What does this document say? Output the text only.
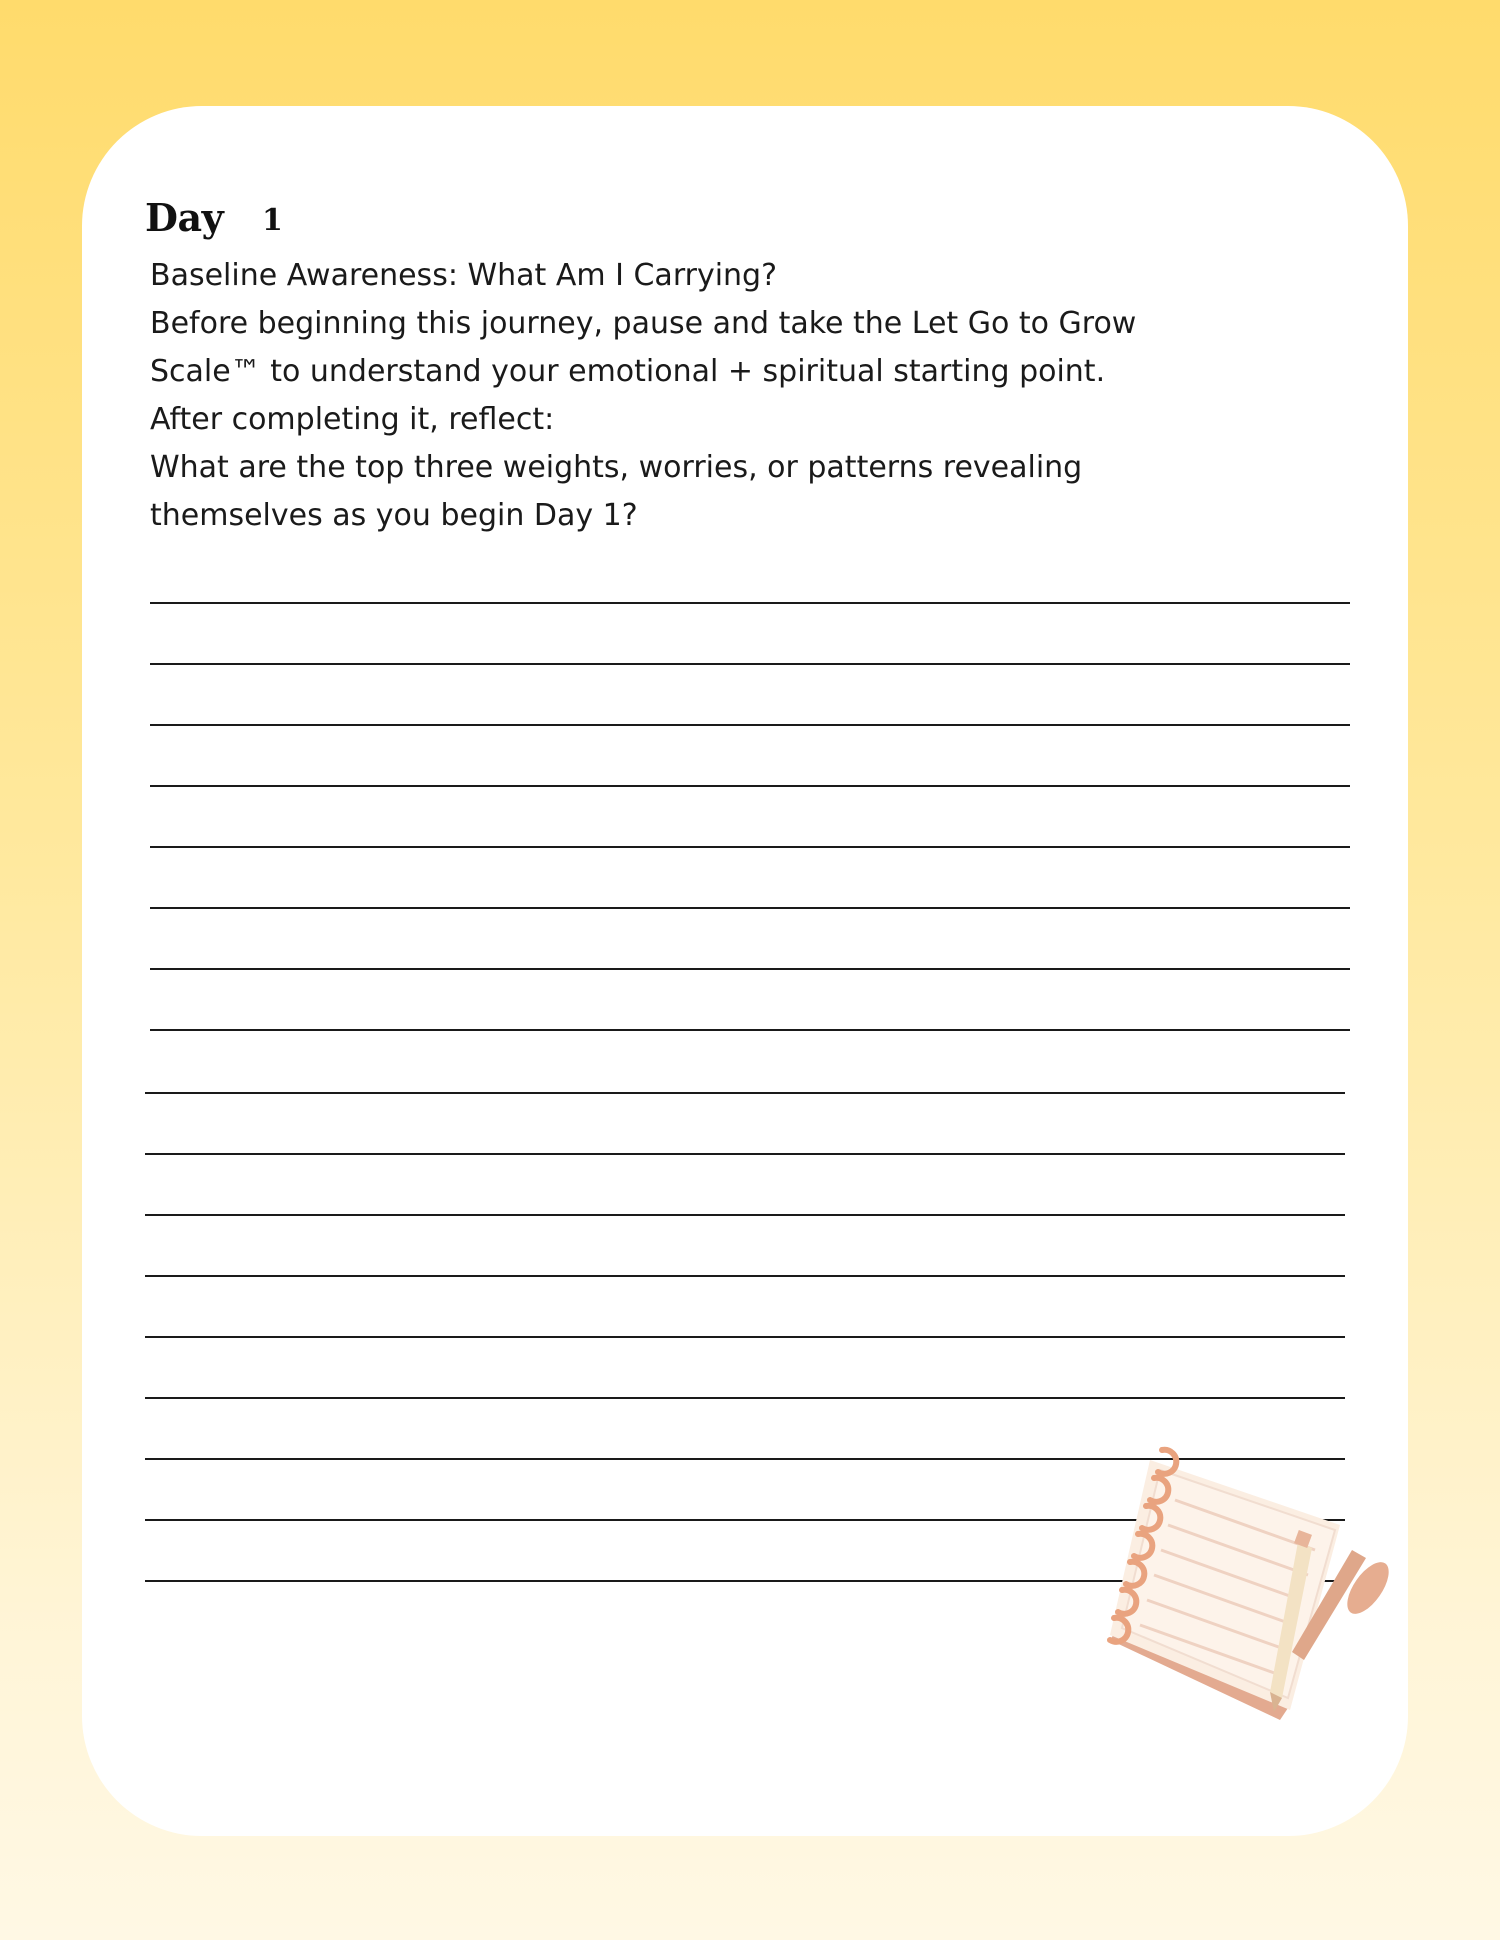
Day 1
Baseline Awareness: What Am I Carrying?
Before beginning this journey, pause and take the Let Go to Grow
Scale™ to understand your emotional + spiritual starting point.
After completing it, reflect:
What are the top three weights, worries, or patterns revealing
themselves as you begin Day 1?
